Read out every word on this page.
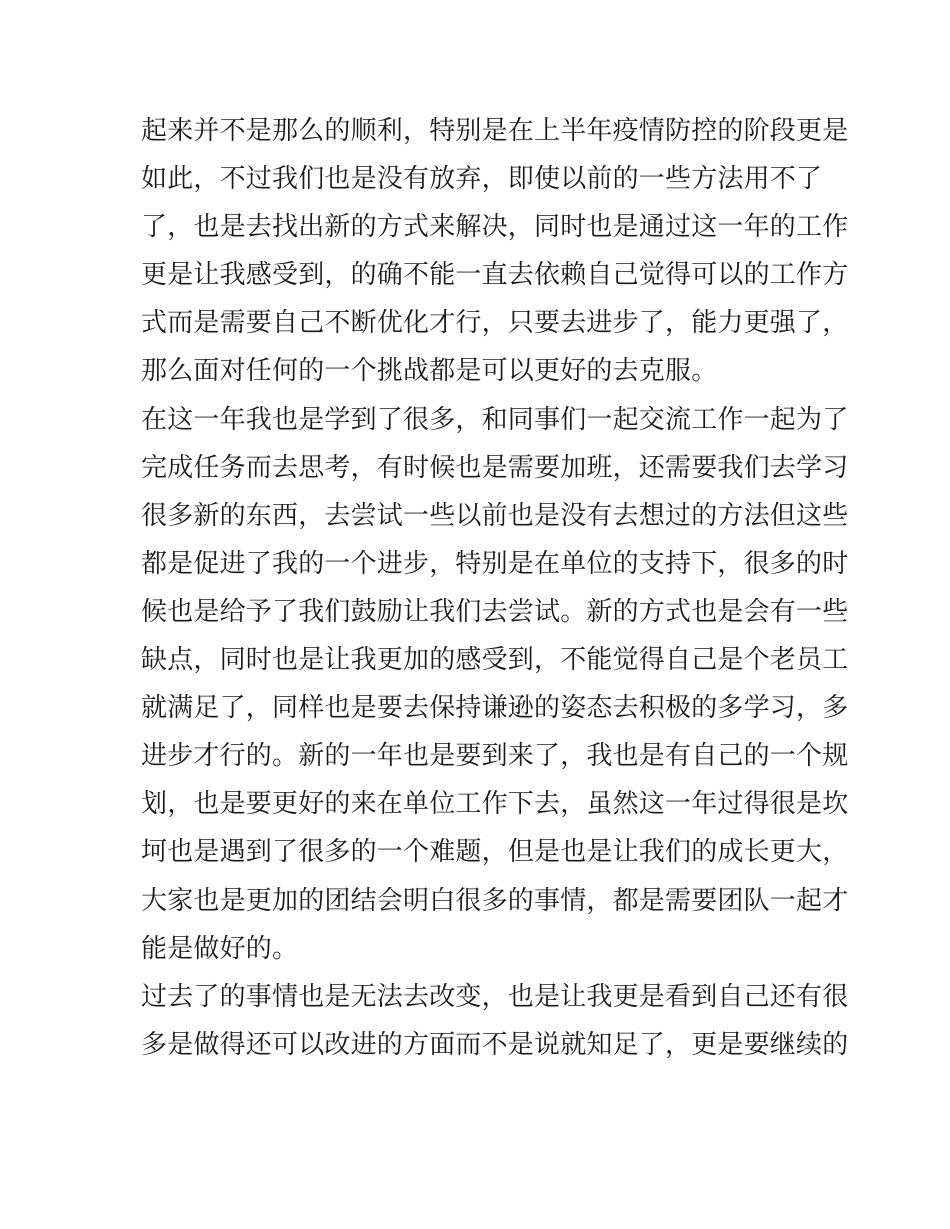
起来并不是那么的顺利，特别是在上半年疫情防控的阶段更是
如此，不过我们也是没有放弃，即使以前的一些方法用不了
了，也是去找出新的方式来解决，同时也是通过这一年的工作
更是让我感受到，的确不能一直去依赖自己觉得可以的工作方
式而是需要自己不断优化才行，只要去进步了，能力更强了，
那么面对任何的一个挑战都是可以更好的去克服。
在这一年我也是学到了很多，和同事们一起交流工作一起为了
完成任务而去思考，有时候也是需要加班，还需要我们去学习
很多新的东西，去尝试一些以前也是没有去想过的方法但这些
都是促进了我的一个进步，特别是在单位的支持下，很多的时
候也是给予了我们鼓励让我们去尝试。新的方式也是会有一些
缺点，同时也是让我更加的感受到，不能觉得自己是个老员工
就满足了，同样也是要去保持谦逊的姿态去积极的多学习，多
进步才行的。新的一年也是要到来了，我也是有自己的一个规
划，也是要更好的来在单位工作下去，虽然这一年过得很是坎
坷也是遇到了很多的一个难题，但是也是让我们的成长更大，
大家也是更加的团结会明白很多的事情，都是需要团队一起才
能是做好的。
过去了的事情也是无法去改变，也是让我更是看到自己还有很
多是做得还可以改进的方面而不是说就知足了，更是要继续的
